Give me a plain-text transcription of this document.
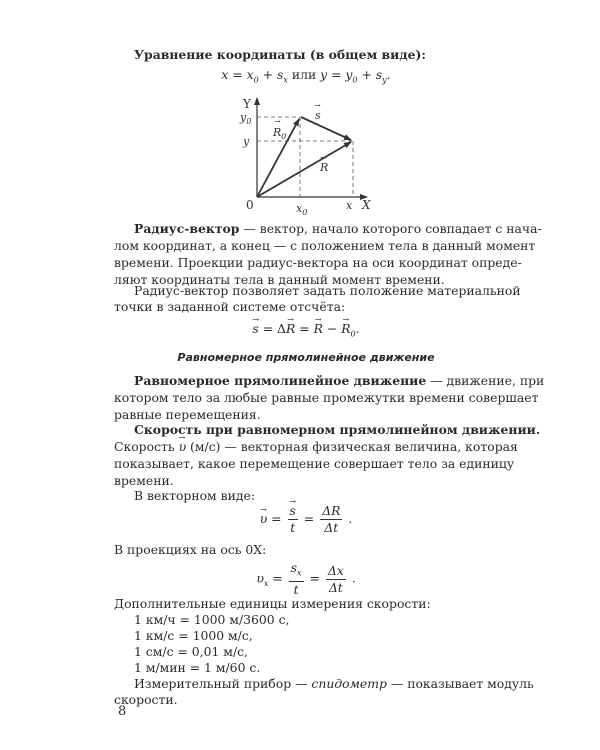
Уравнение координаты (в общем виде):
$x = x_0 + s_x$ или $y = y_0 + s_y$.
Y
X
0	$x_0$
x
$y_0$
y
$R_0$
→	s
→
R
→
Радиус-вектор — вектор, начало которого совпадает с нача-
лом координат, а конец — с положением тела в данный момент
времени. Проекции радиус-вектора на оси координат опреде-
ляют координаты тела в данный момент времени.
Радиус-вектор позволяет задать положение материальной
точки в заданной системе отсчёта:
→ s = Δ→ R = → R − → $R_0$.
Равномерное прямолинейное движение
Равномерное прямолинейное движение — движение, при
котором тело за любые равные промежутки времени совершает
равные перемещения.
Скорость при равномерном прямолинейном движении.
Скорость → υ (м/с) — векторная физическая величина, которая
показывает, какое перемещение совершает тело за единицу
времени.
В векторном виде:
→ υ = → $\frac{s}{t} = \frac{\Delta R}{\Delta t}$ .
В проекциях на ось 0X:
$\upsilon_x = \frac{s_x}{t} = \frac{\Delta x}{\Delta t}$ .
Дополнительные единицы измерения скорости:
1 км/ч = 1000 м/3600 с,
1 км/с = 1000 м/с,
1 см/с = 0,01 м/с,
1 м/мин = 1 м/60 с.
Измерительный прибор — спидометр — показывает модуль
скорости.
8
